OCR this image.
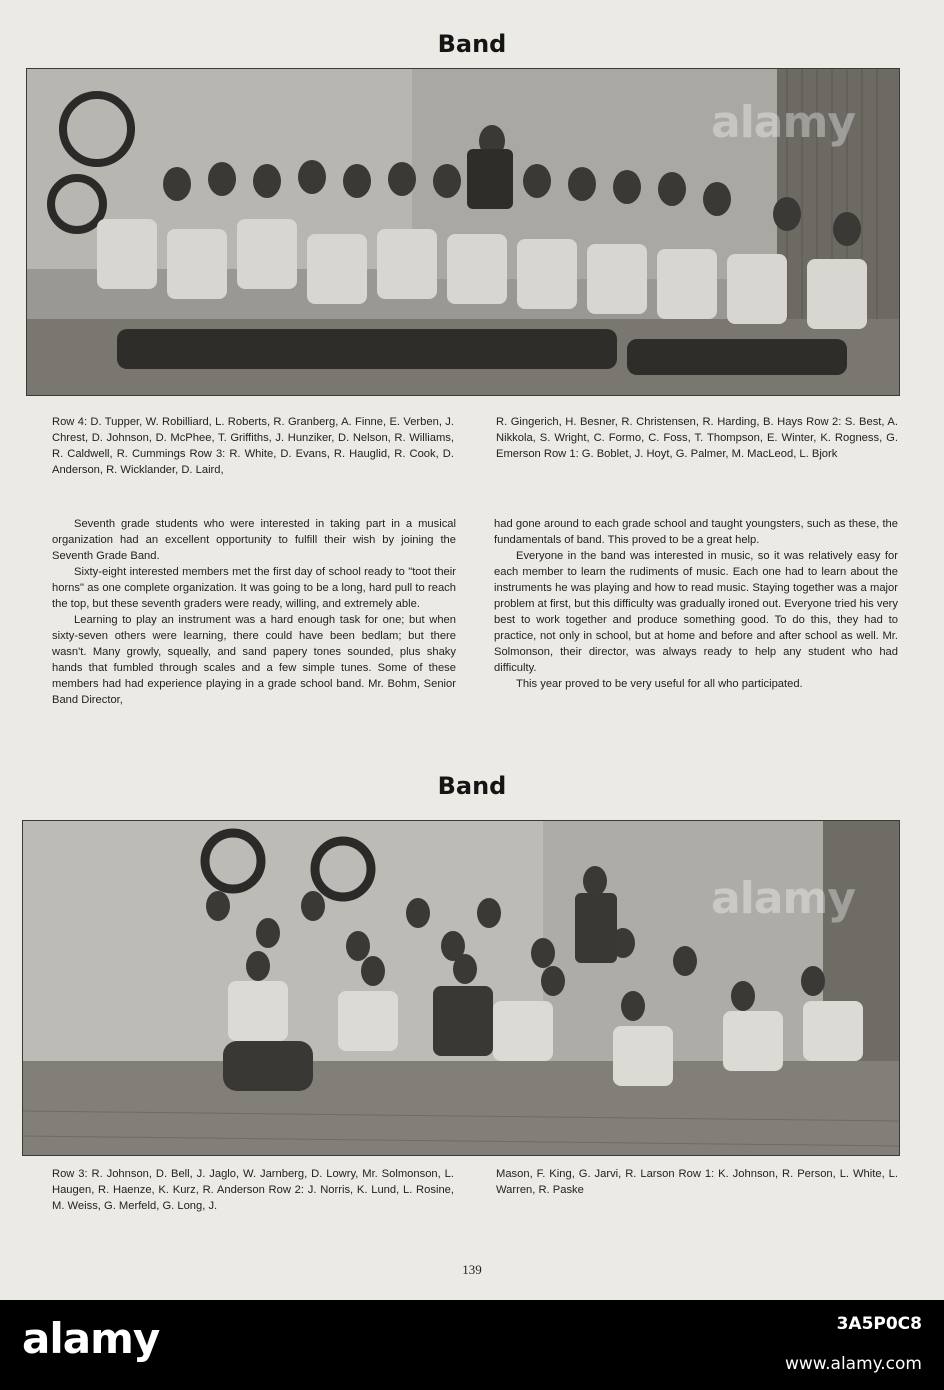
Band
alamy
Row 4: D. Tupper, W. Robilliard, L. Roberts, R. Granberg, A. Finne, E. Verben, J. Chrest, D. Johnson, D. McPhee, T. Griffiths, J. Hunziker, D. Nelson, R. Williams, R. Caldwell, R. Cummings Row 3: R. White, D. Evans, R. Hauglid, R. Cook, D. Anderson, R. Wicklander, D. Laird,
R. Gingerich, H. Besner, R. Christensen, R. Harding, B. Hays Row 2: S. Best, A. Nikkola, S. Wright, C. Formo, C. Foss, T. Thompson, E. Winter, K. Rogness, G. Emerson Row 1: G. Boblet, J. Hoyt, G. Palmer, M. MacLeod, L. Bjork

Seventh grade students who were interested in taking part in a musical organization had an excellent opportunity to fulfill their wish by joining the Seventh Grade Band.

Sixty-eight interested members met the first day of school ready to "toot their horns" as one complete organization. It was going to be a long, hard pull to reach the top, but these seventh graders were ready, willing, and extremely able.

Learning to play an instrument was a hard enough task for one; but when sixty-seven others were learning, there could have been bedlam; but there wasn't. Many growly, squeally, and sand papery tones sounded, plus shaky hands that fumbled through scales and a few simple tunes. Some of these members had had experience playing in a grade school band. Mr. Bohm, Senior Band Director,

had gone around to each grade school and taught youngsters, such as these, the fundamentals of band. This proved to be a great help.

Everyone in the band was interested in music, so it was relatively easy for each member to learn the rudiments of music. Each one had to learn about the instruments he was playing and how to read music. Staying together was a major problem at first, but this difficulty was gradually ironed out. Everyone tried his very best to work together and produce something good. To do this, they had to practice, not only in school, but at home and before and after school as well. Mr. Solmonson, their director, was always ready to help any student who had difficulty.

This year proved to be very useful for all who participated.

Band
alamy
Row 3: R. Johnson, D. Bell, J. Jaglo, W. Jarnberg, D. Lowry, Mr. Solmonson, L. Haugen, R. Haenze, K. Kurz, R. Anderson Row 2: J. Norris, K. Lund, L. Rosine, M. Weiss, G. Merfeld, G. Long, J.
Mason, F. King, G. Jarvi, R. Larson Row 1: K. Johnson, R. Person, L. White, L. Warren, R. Paske
139
alamy	3A5P0C8
www.alamy.com
